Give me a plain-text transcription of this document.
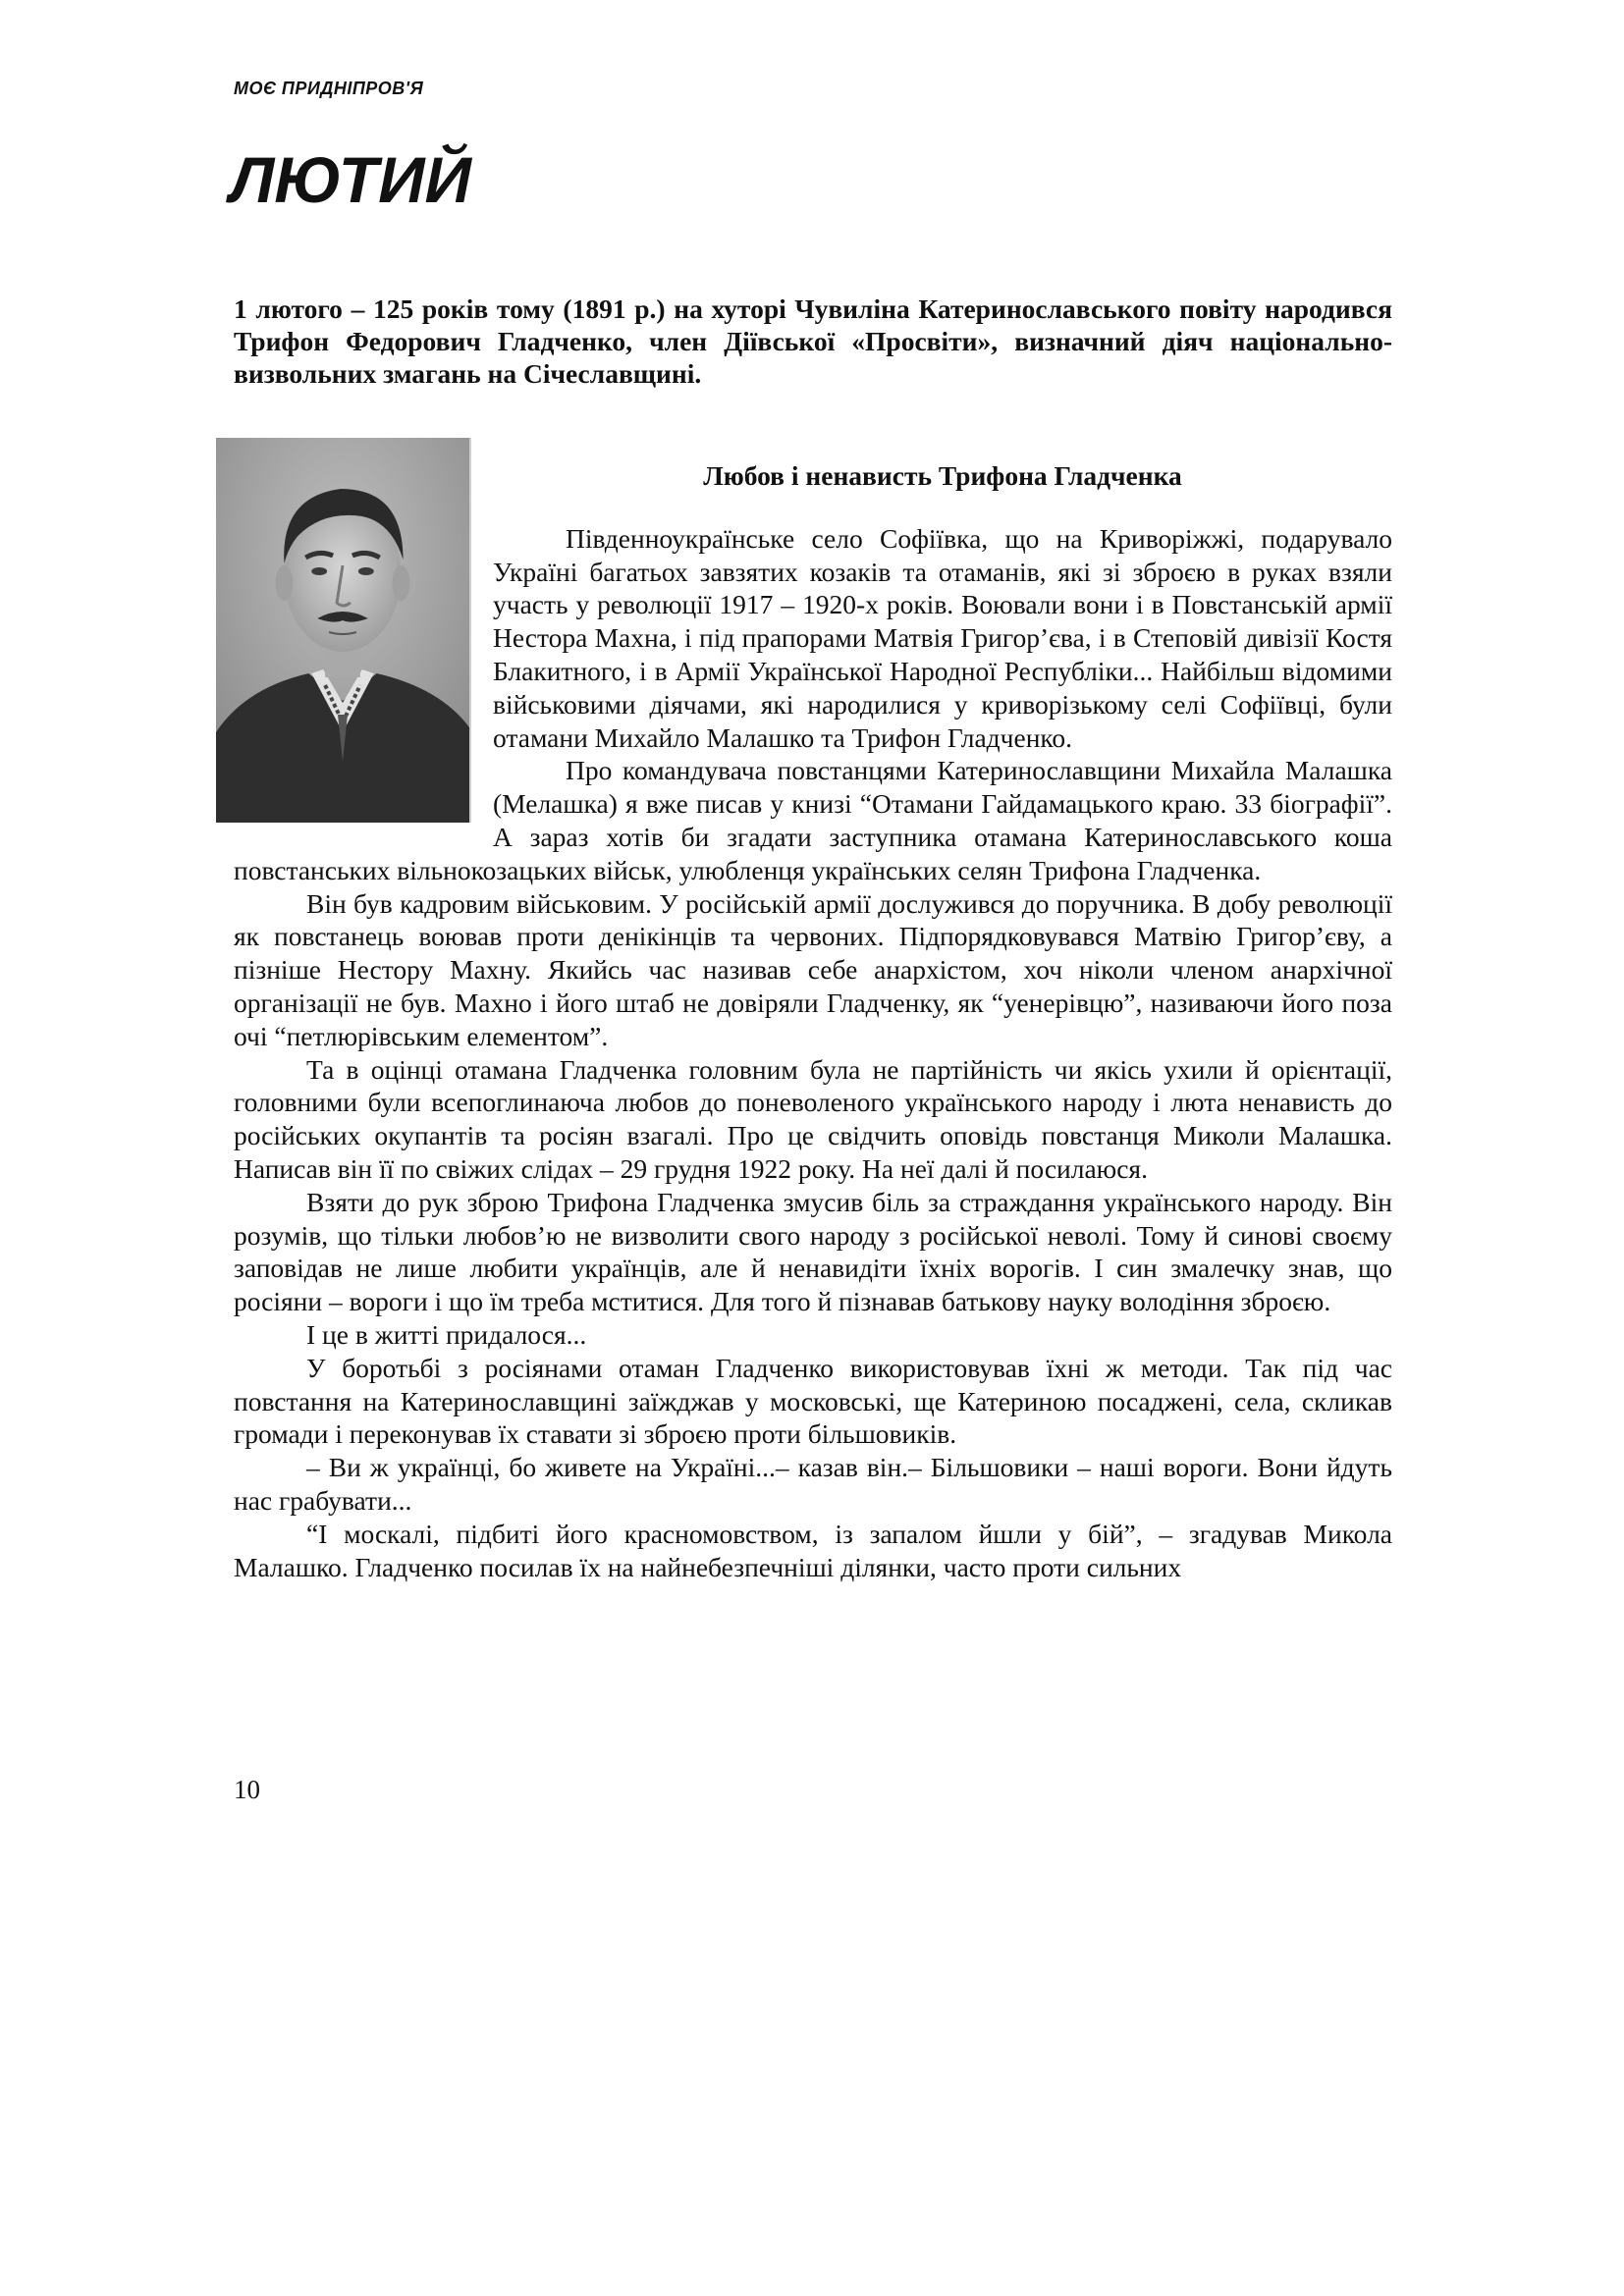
МОЄ ПРИДНІПРОВ'Я
ЛЮТИЙ

1 лютого – 125 років тому (1891 р.) на хуторі Чувиліна Катеринославського повіту народився Трифон Федорович Гладченко, член Діївської «Просвіти», визначний діяч національно-визвольних змагань на Січеславщині.

Любов і ненависть Трифона Гладченка

Південноукраїнське село Софіївка, що на Криворіжжі, подарувало Україні багатьох завзятих козаків та отаманів, які зі зброєю в руках взяли участь у революції 1917 – 1920-х років. Воювали вони і в Повстанській армії Нестора Махна, і під прапорами Матвія Григор’єва, і в Степовій дивізії Костя Блакитного, і в Армії Української Народної Республіки... Найбільш відомими військовими діячами, які народилися у криворізькому селі Софіївці, були отамани Михайло Малашко та Трифон Гладченко.

Про командувача повстанцями Катеринославщини Михайла Малашка (Мелашка) я вже писав у книзі “Отамани Гайдамацького краю. 33 біографії”. А зараз хотів би згадати заступника отамана Катеринославського коша повстанських вільнокозацьких військ, улюбленця українських селян Трифона Гладченка.

Він був кадровим військовим. У російській армії дослужився до поручника. В добу революції як повстанець воював проти денікінців та червоних. Підпорядковувався Матвію Григор’єву, а пізніше Нестору Махну. Якийсь час називав себе анархістом, хоч ніколи членом анархічної організації не був. Махно і його штаб не довіряли Гладченку, як “уенерівцю”, називаючи його поза очі “петлюрівським елементом”.

Та в оцінці отамана Гладченка головним була не партійність чи якісь ухили й орієнтації, головними були всепоглинаюча любов до поневоленого українського народу і люта ненависть до російських окупантів та росіян взагалі. Про це свідчить оповідь повстанця Миколи Малашка. Написав він її по свіжих слідах – 29 грудня 1922 року. На неї далі й посилаюся.

Взяти до рук зброю Трифона Гладченка змусив біль за страждання українського народу. Він розумів, що тільки любов’ю не визволити свого народу з російської неволі. Тому й синові своєму заповідав не лише любити українців, але й ненавидіти їхніх ворогів. І син змалечку знав, що росіяни – вороги і що їм треба мститися. Для того й пізнавав батькову науку володіння зброєю.

І це в житті придалося...

У боротьбі з росіянами отаман Гладченко використовував їхні ж методи. Так під час повстання на Катеринославщині заїжджав у московські, ще Катериною посаджені, села, скликав громади і переконував їх ставати зі зброєю проти більшовиків.

– Ви ж українці, бо живете на Україні...– казав він.– Більшовики – наші вороги. Вони йдуть нас грабувати...

“І москалі, підбиті його красномовством, із запалом йшли у бій”, – згадував Микола Малашко. Гладченко посилав їх на найнебезпечніші ділянки, часто проти сильних

10
